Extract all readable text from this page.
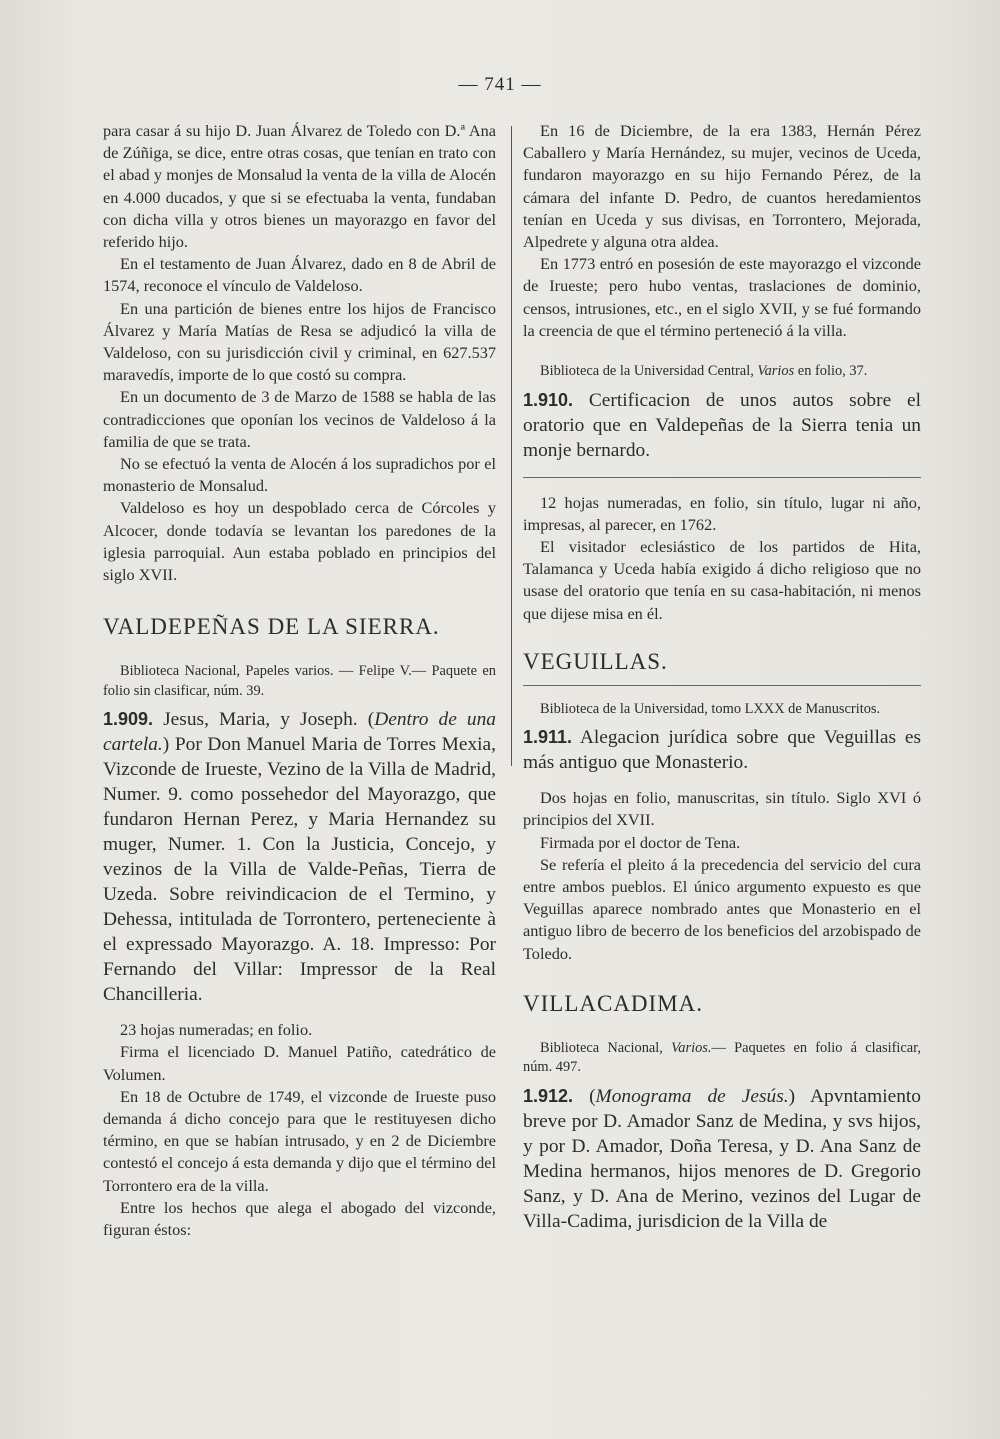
— 741 —

para casar á su hijo D. Juan Álvarez de Toledo con D.ª Ana de Zúñiga, se dice, entre otras cosas, que tenían en trato con el abad y monjes de Monsalud la venta de la villa de Alocén en 4.000 ducados, y que si se efectuaba la venta, fundaban con dicha villa y otros bienes un mayorazgo en favor del referido hijo.

En el testamento de Juan Álvarez, dado en 8 de Abril de 1574, reconoce el vínculo de Valdeloso.

En una partición de bienes entre los hijos de Francisco Álvarez y María Matías de Resa se adjudicó la villa de Valdeloso, con su jurisdicción civil y criminal, en 627.537 maravedís, importe de lo que costó su compra.

En un documento de 3 de Marzo de 1588 se habla de las contradicciones que oponían los vecinos de Valdeloso á la familia de que se trata.

No se efectuó la venta de Alocén á los supradichos por el monasterio de Monsalud.

Valdeloso es hoy un despoblado cerca de Córcoles y Alcocer, donde todavía se levantan los paredones de la iglesia parroquial. Aun estaba poblado en principios del siglo XVII.

VALDEPEÑAS DE LA SIERRA.

Biblioteca Nacional, Papeles varios. — Felipe V.— Paquete en folio sin clasificar, núm. 39.

1.909. Jesus, Maria, y Joseph. (Dentro de una cartela.) Por Don Manuel Maria de Torres Mexia, Vizconde de Irueste, Vezino de la Villa de Madrid, Numer. 9. como possehedor del Mayorazgo, que fundaron Hernan Perez, y Maria Hernandez su muger, Numer. 1. Con la Justicia, Concejo, y vezinos de la Villa de Valde-Peñas, Tierra de Uzeda. Sobre reivindicacion de el Termino, y Dehessa, intitulada de Torrontero, perteneciente à el expressado Mayorazgo. A. 18. Impresso: Por Fernando del Villar: Impressor de la Real Chancilleria.

23 hojas numeradas; en folio.

Firma el licenciado D. Manuel Patiño, catedrático de Volumen.

En 18 de Octubre de 1749, el vizconde de Irueste puso demanda á dicho concejo para que le restituyesen dicho término, en que se habían intrusado, y en 2 de Diciembre contestó el concejo á esta demanda y dijo que el término del Torrontero era de la villa.

Entre los hechos que alega el abogado del vizconde, figuran éstos:

En 16 de Diciembre, de la era 1383, Hernán Pérez Caballero y María Hernández, su mujer, vecinos de Uceda, fundaron mayorazgo en su hijo Fernando Pérez, de la cámara del infante D. Pedro, de cuantos heredamientos tenían en Uceda y sus divisas, en Torrontero, Mejorada, Alpedrete y alguna otra aldea.

En 1773 entró en posesión de este mayorazgo el vizconde de Irueste; pero hubo ventas, traslaciones de dominio, censos, intrusiones, etc., en el siglo XVII, y se fué formando la creencia de que el término perteneció á la villa.

Biblioteca de la Universidad Central, Varios en folio, 37.

1.910. Certificacion de unos autos sobre el oratorio que en Valdepeñas de la Sierra tenia un monje bernardo.

12 hojas numeradas, en folio, sin título, lugar ni año, impresas, al parecer, en 1762.

El visitador eclesiástico de los partidos de Hita, Talamanca y Uceda había exigido á dicho religioso que no usase del oratorio que tenía en su casa-habitación, ni menos que dijese misa en él.

VEGUILLAS.

Biblioteca de la Universidad, tomo LXXX de Manuscritos.

1.911. Alegacion jurídica sobre que Veguillas es más antiguo que Monasterio.

Dos hojas en folio, manuscritas, sin título. Siglo XVI ó principios del XVII.

Firmada por el doctor de Tena.

Se refería el pleito á la precedencia del servicio del cura entre ambos pueblos. El único argumento expuesto es que Veguillas aparece nombrado antes que Monasterio en el antiguo libro de becerro de los beneficios del arzobispado de Toledo.

VILLACADIMA.

Biblioteca Nacional, Varios.— Paquetes en folio á clasificar, núm. 497.

1.912. (Monograma de Jesús.) Apvntamiento breve por D. Amador Sanz de Medina, y svs hijos, y por D. Amador, Doña Teresa, y D. Ana Sanz de Medina hermanos, hijos menores de D. Gregorio Sanz, y D. Ana de Merino, vezinos del Lugar de Villa-Cadima, jurisdicion de la Villa de
